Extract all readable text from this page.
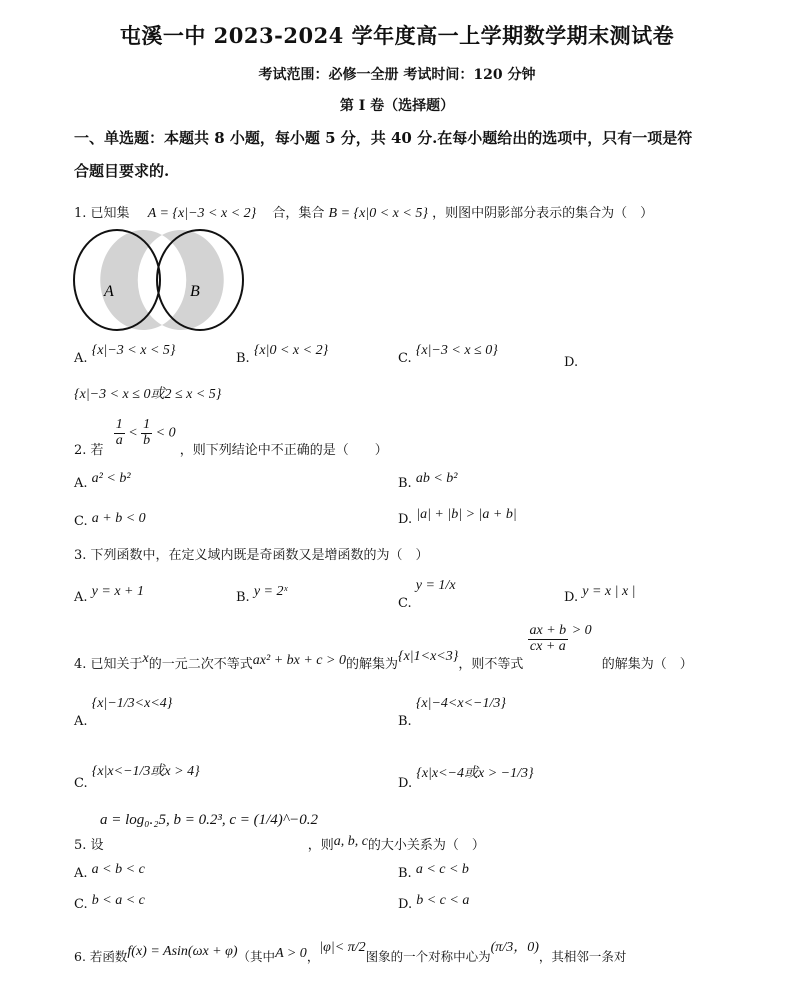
屯溪一中 2023-2024 学年度高一上学期数学期末测试卷
考试范围：必修一全册 考试时间：120 分钟
第 I 卷（选择题）
一、单选题：本题共 8 小题，每小题 5 分，共 40 分.在每小题给出的选项中，只有一项是符
合题目要求的.
1. 已知集 A = {x|−3 < x < 2} 合，集合 B = {x|0 < x < 5} ，则图中阴影部分表示的集合为（　）
A	B
A. {x|−3 < x < 5}
B. {x|0 < x < 2}
C. {x|−3 < x ≤ 0}
D.
{x|−3 < x ≤ 0或2 ≤ x < 5}
2. 若
$\frac{1}{a} < \frac{1}{b} < 0$ ，则下列结论中不正确的是（　　）
A. a² < b²	B. ab < b²
C. a + b < 0	D. |a| + |b| > |a + b|
3. 下列函数中，在定义域内既是奇函数又是增函数的为（　）
A. y = x + 1	B. y = 2ˣ
C. y = 1/x
D. y = x | x |
4. 已知关于x的一元二次不等式ax² + bx + c > 0的解集为{x|1<x<3}，则不等式
$\frac{ax + b}{cx + a} > 0$ 的解集为（　）
A. {x|−1/3<x<4}
B. {x|−4<x<−1/3}
C. {x|x<−1/3或x > 4}
D. {x|x<−4或x > −1/3}
a = log₀.₂5, b = 0.2³, c = (1/4)^−0.2
5. 设	，则a, b, c的大小关系为（　）
A. a < b < c	B. a < c < b
C. b < a < c	D. b < c < a
6. 若函数f(x) = Asin(ωx + φ)（其中A > 0，|φ|< π/2图象的一个对称中心为(π/3，0)，其相邻一条对
